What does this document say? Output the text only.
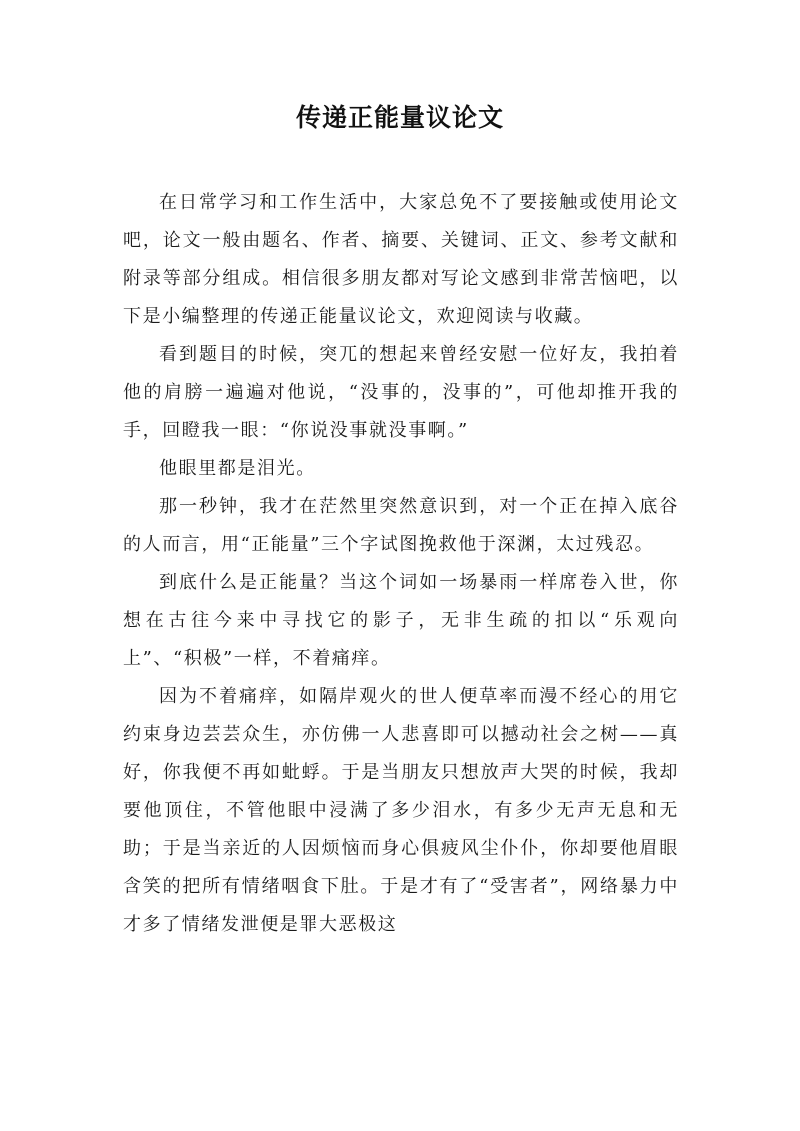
传递正能量议论文

在日常学习和工作生活中，大家总免不了要接触或使用论文吧，论文一般由题名、作者、摘要、关键词、正文、参考文献和附录等部分组成。相信很多朋友都对写论文感到非常苦恼吧，以下是小编整理的传递正能量议论文，欢迎阅读与收藏。

看到题目的时候，突兀的想起来曾经安慰一位好友，我拍着他的肩膀一遍遍对他说，“没事的，没事的”，可他却推开我的手，回瞪我一眼：“你说没事就没事啊。”

他眼里都是泪光。

那一秒钟，我才在茫然里突然意识到，对一个正在掉入底谷的人而言，用“正能量”三个字试图挽救他于深渊，太过残忍。

到底什么是正能量？当这个词如一场暴雨一样席卷入世，你想在古往今来中寻找它的影子，无非生疏的扣以“乐观向上”、“积极”一样，不着痛痒。

因为不着痛痒，如隔岸观火的世人便草率而漫不经心的用它约束身边芸芸众生，亦仿佛一人悲喜即可以撼动社会之树——真好，你我便不再如蚍蜉。于是当朋友只想放声大哭的时候，我却要他顶住，不管他眼中浸满了多少泪水，有多少无声无息和无助；于是当亲近的人因烦恼而身心俱疲风尘仆仆，你却要他眉眼含笑的把所有情绪咽食下肚。于是才有了“受害者”，网络暴力中才多了情绪发泄便是罪大恶极这
